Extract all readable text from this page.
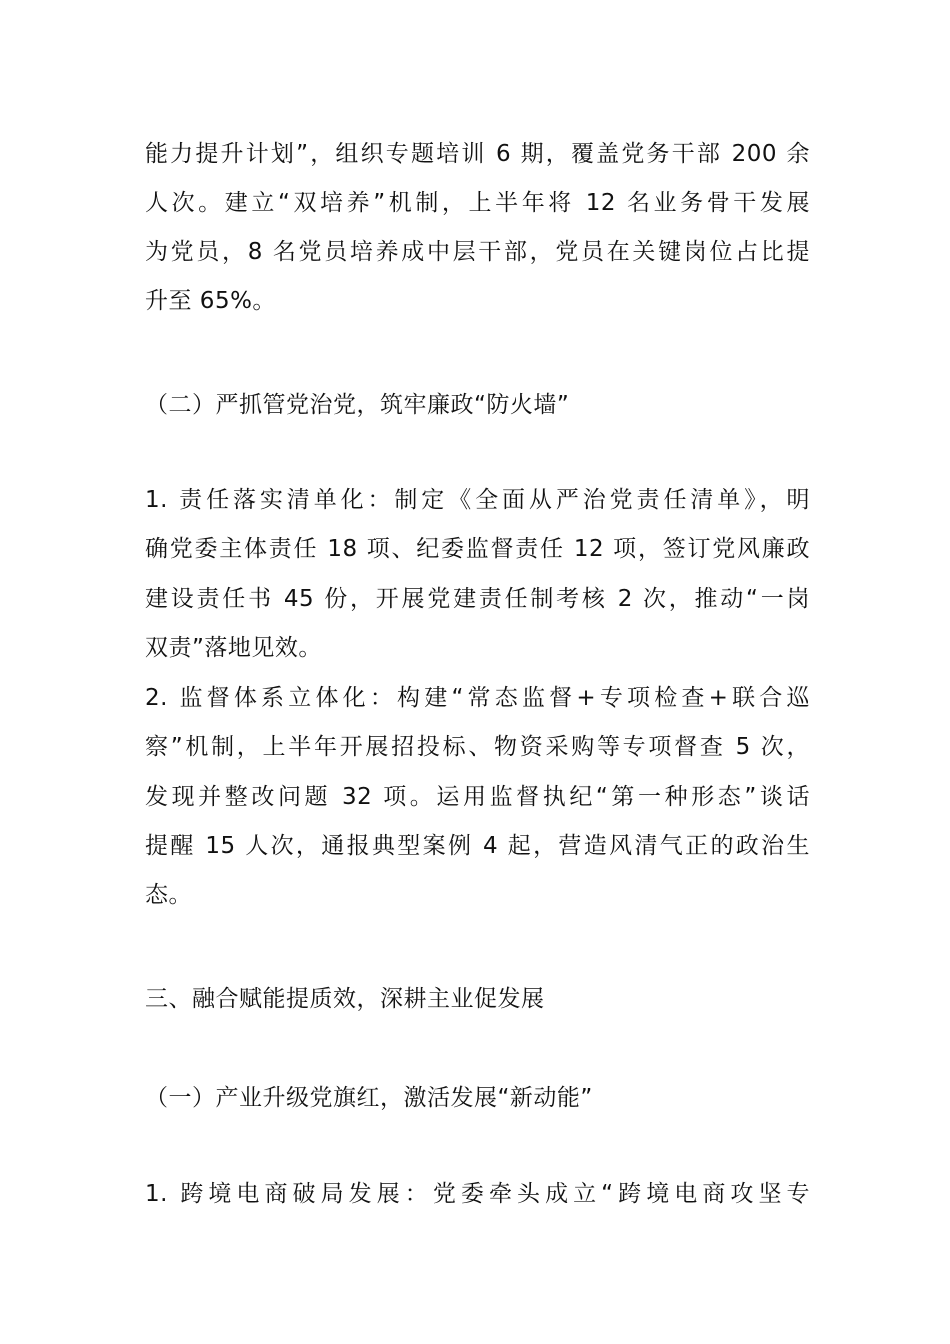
能力提升计划”，组织专题培训 6 期，覆盖党务干部 200 余
人次。建立“双培养”机制，上半年将 12 名业务骨干发展
为党员，8 名党员培养成中层干部，党员在关键岗位占比提
升至 65%。
（二）严抓管党治党，筑牢廉政“防火墙”
1. 责任落实清单化：制定《全面从严治党责任清单》，明
确党委主体责任 18 项、纪委监督责任 12 项，签订党风廉政
建设责任书 45 份，开展党建责任制考核 2 次，推动“一岗
双责”落地见效。
2. 监督体系立体化：构建“常态监督+专项检查+联合巡
察”机制，上半年开展招投标、物资采购等专项督查 5 次，
发现并整改问题 32 项。运用监督执纪“第一种形态”谈话
提醒 15 人次，通报典型案例 4 起，营造风清气正的政治生
态。
三、融合赋能提质效，深耕主业促发展
（一）产业升级党旗红，激活发展“新动能”
1. 跨境电商破局发展：党委牵头成立“跨境电商攻坚专
